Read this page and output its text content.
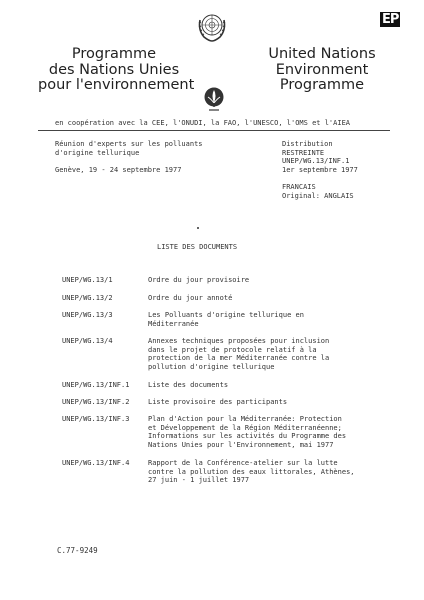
EP
Programme
des Nations Unies
pour l'environnement
United Nations
Environment
Programme
en coopération avec la CEE, l'ONUDI, la FAO, l'UNESCO, l'OMS et l'AIEA
Réunion d'experts sur les polluants
d'origine tellurique
Genève, 19 - 24 septembre 1977
Distribution
RESTREINTE
UNEP/WG.13/INF.1
1er septembre 1977
FRANCAIS
Original: ANGLAIS
LISTE DES DOCUMENTS
UNEP/WG.13/1	Ordre du jour provisoire
UNEP/WG.13/2	Ordre du jour annoté
UNEP/WG.13/3	Les Polluants d'origine tellurique en
Méditerranée
UNEP/WG.13/4	Annexes techniques proposées pour inclusion
dans le projet de protocole relatif à la
protection de la mer Méditerranée contre la
pollution d'origine tellurique
UNEP/WG.13/INF.1	Liste des documents
UNEP/WG.13/INF.2	Liste provisoire des participants
UNEP/WG.13/INF.3	Plan d'Action pour la Méditerranée: Protection
et Développement de la Région Méditerranéenne;
Informations sur les activités du Programme des
Nations Unies pour l'Environnement, mai 1977
UNEP/WG.13/INF.4	Rapport de la Conférence-atelier sur la lutte
contre la pollution des eaux littorales, Athènes,
27 juin - 1 juillet 1977
C.77-9249
